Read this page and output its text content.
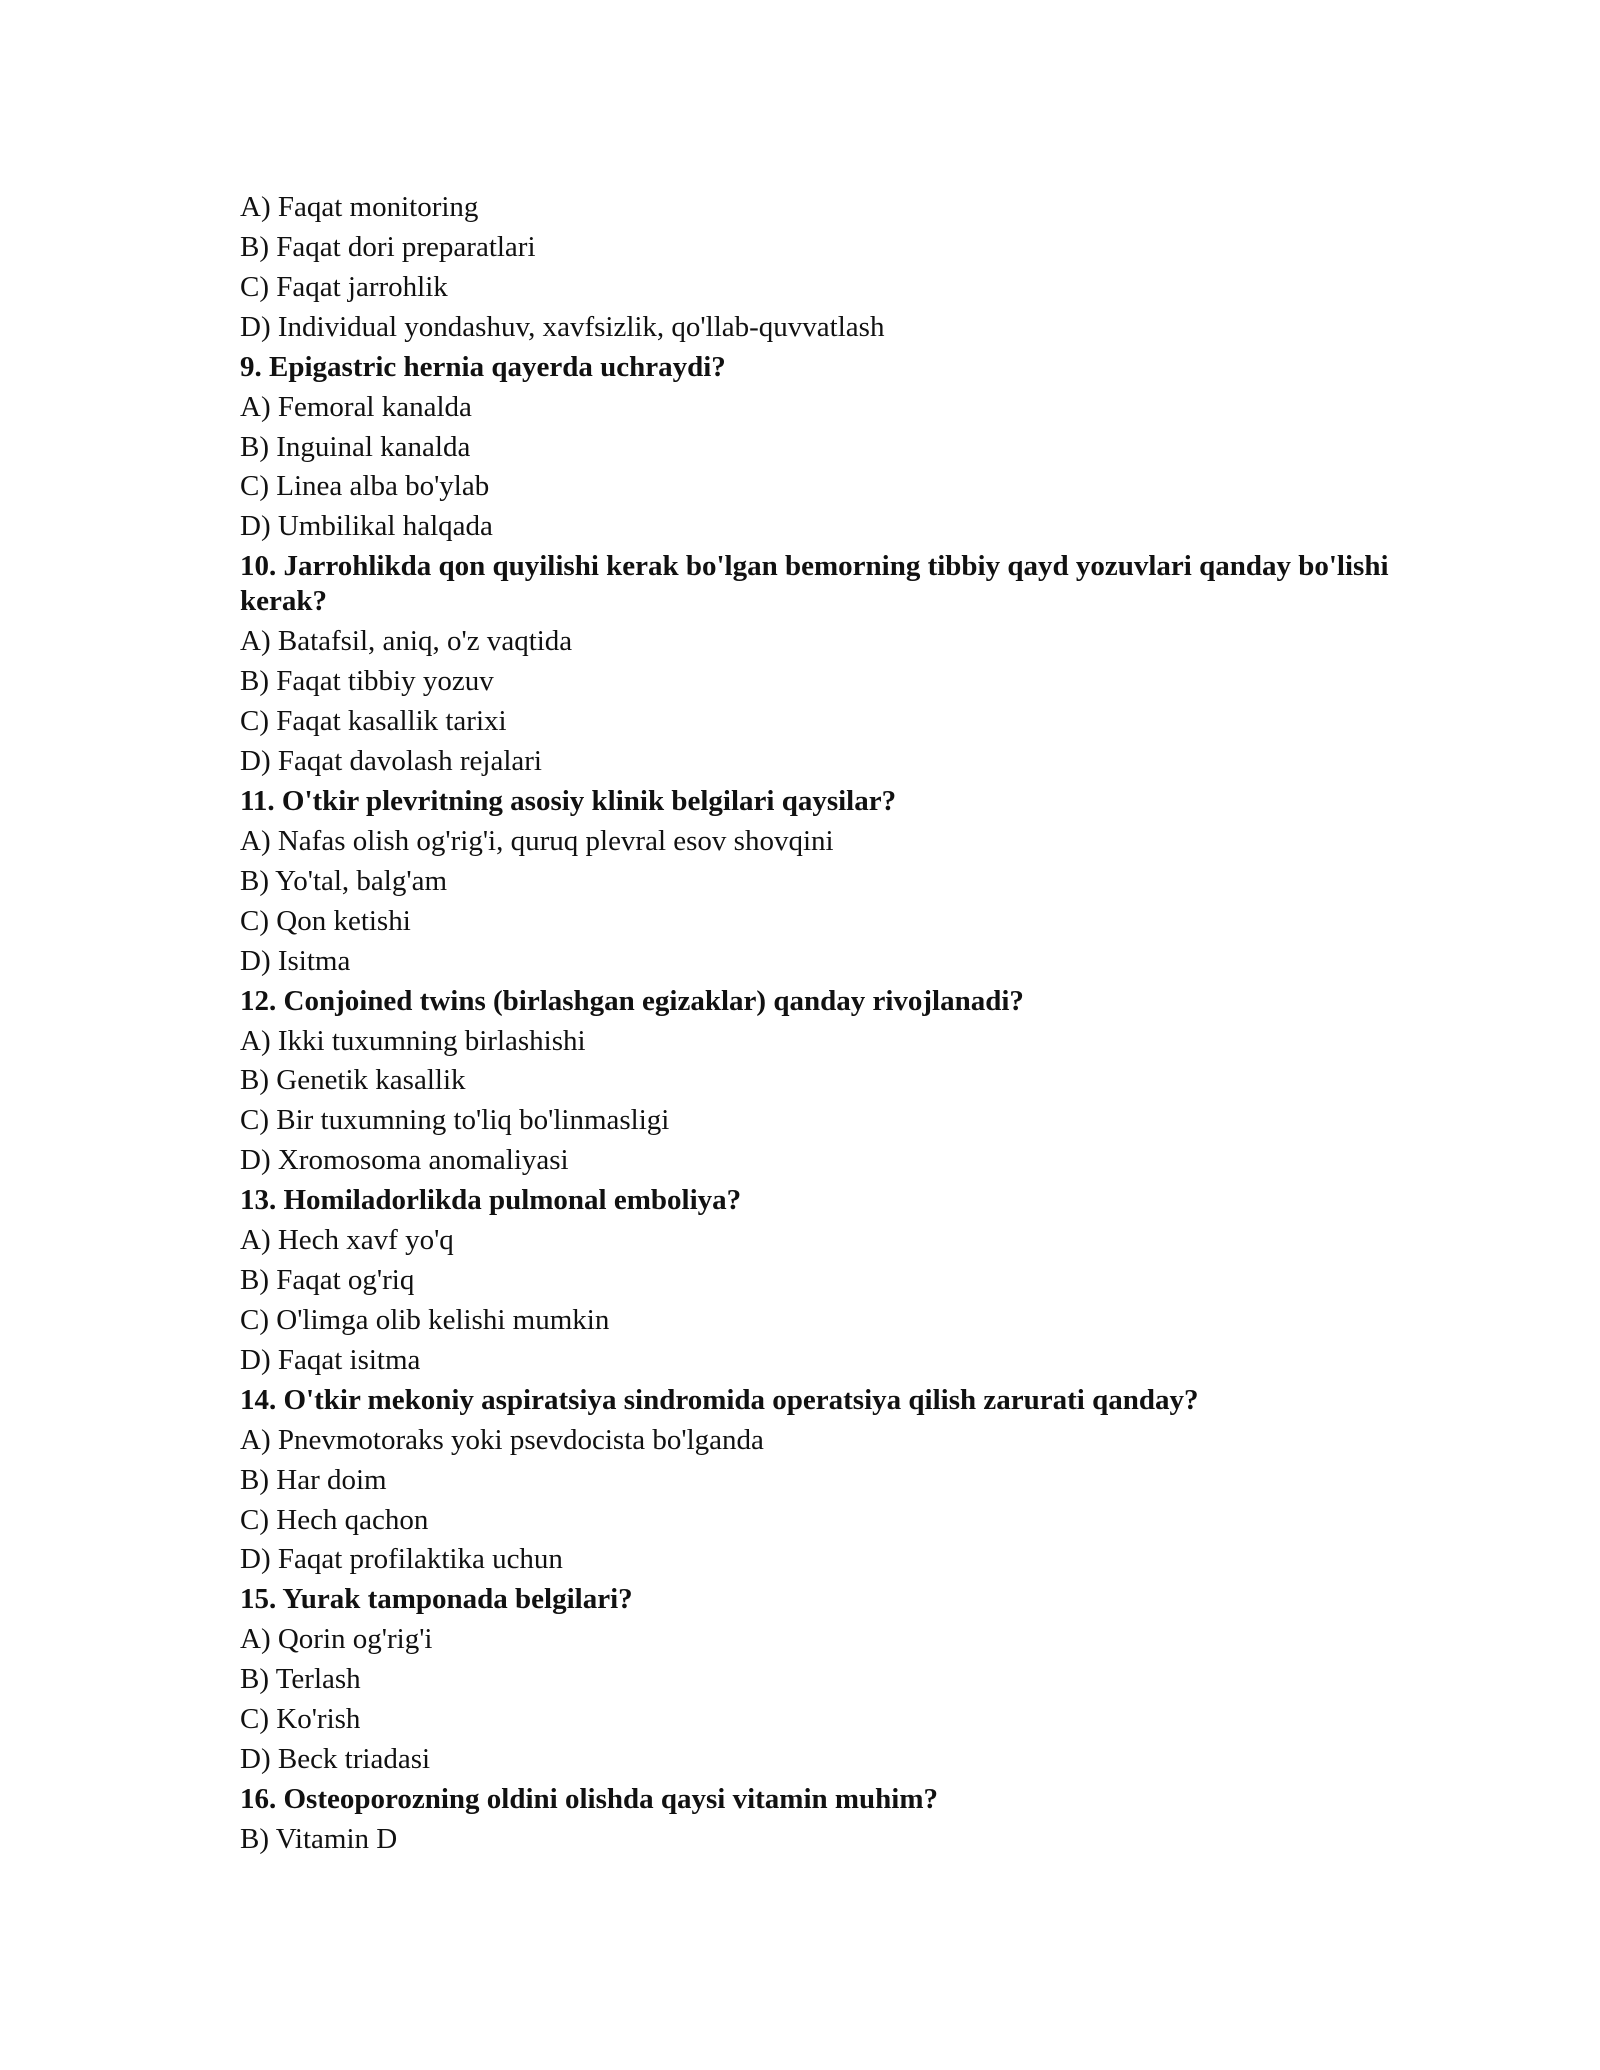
A) Faqat monitoring
B) Faqat dori preparatlari
C) Faqat jarrohlik
D) Individual yondashuv, xavfsizlik, qo'llab-quvvatlash
9. Epigastric hernia qayerda uchraydi?
A) Femoral kanalda
B) Inguinal kanalda
C) Linea alba bo'ylab
D) Umbilikal halqada
10. Jarrohlikda qon quyilishi kerak bo'lgan bemorning tibbiy qayd yozuvlari qanday bo'lishi kerak?
A) Batafsil, aniq, o'z vaqtida
B) Faqat tibbiy yozuv
C) Faqat kasallik tarixi
D) Faqat davolash rejalari
11. O'tkir plevritning asosiy klinik belgilari qaysilar?
A) Nafas olish og'rig'i, quruq plevral esov shovqini
B) Yo'tal, balg'am
C) Qon ketishi
D) Isitma
12. Conjoined twins (birlashgan egizaklar) qanday rivojlanadi?
A) Ikki tuxumning birlashishi
B) Genetik kasallik
C) Bir tuxumning to'liq bo'linmasligi
D) Xromosoma anomaliyasi
13. Homiladorlikda pulmonal emboliya?
A) Hech xavf yo'q
B) Faqat og'riq
C) O'limga olib kelishi mumkin
D) Faqat isitma
14. O'tkir mekoniy aspiratsiya sindromida operatsiya qilish zarurati qanday?
A) Pnevmotoraks yoki psevdocista bo'lganda
B) Har doim
C) Hech qachon
D) Faqat profilaktika uchun
15. Yurak tamponada belgilari?
A) Qorin og'rig'i
B) Terlash
C) Ko'rish
D) Beck triadasi
16. Osteoporozning oldini olishda qaysi vitamin muhim?
B) Vitamin D
